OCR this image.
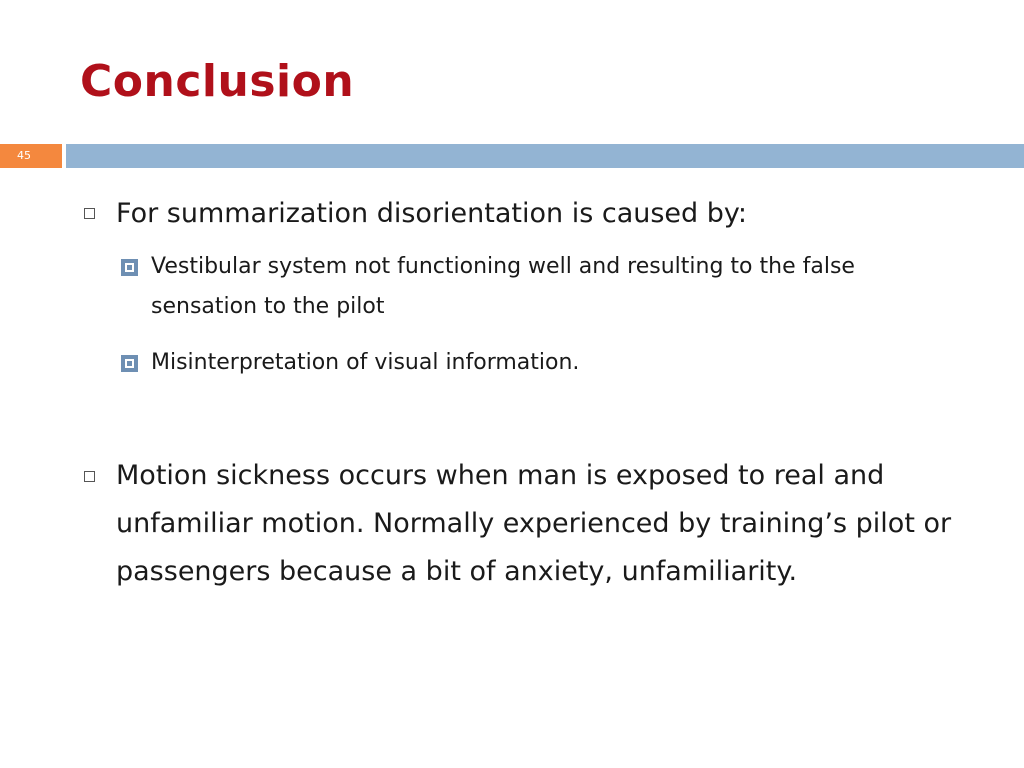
Conclusion
45
For summarization disorientation is caused by:
Vestibular system not functioning well and resulting to the false sensation to the pilot
Misinterpretation of visual information.
Motion sickness occurs when man is exposed to real and unfamiliar motion. Normally experienced by training’s pilot or passengers because a bit of anxiety, unfamiliarity.
